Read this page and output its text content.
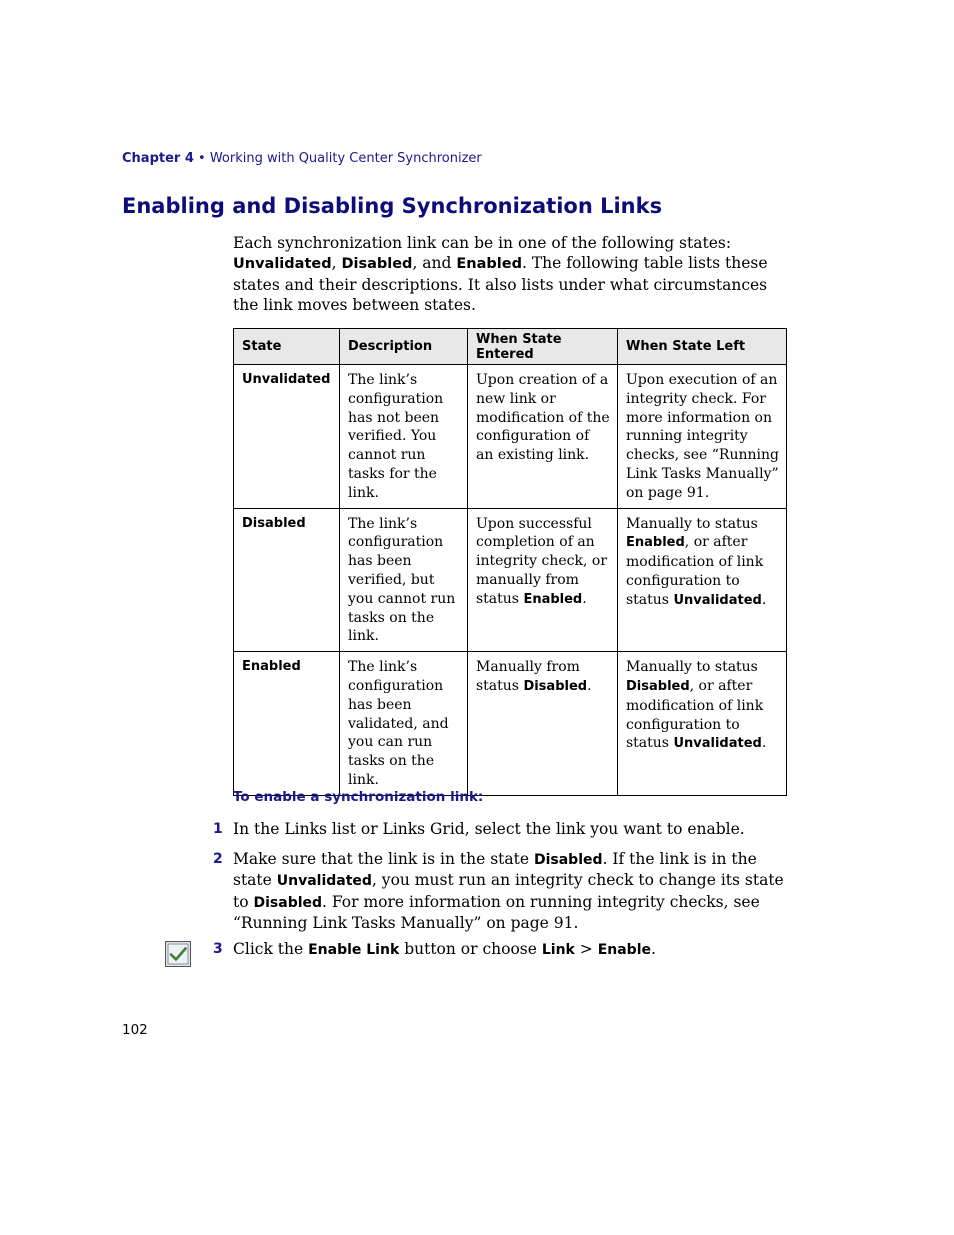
Chapter 4 • Working with Quality Center Synchronizer
Enabling and Disabling Synchronization Links

Each synchronization link can be in one of the following states: Unvalidated, Disabled, and Enabled. The following table lists these states and their descriptions. It also lists under what circumstances the link moves between states.

State	Description	When State Entered	When State Left
Unvalidated	The link’s configuration has not been verified. You cannot run tasks for the link.	Upon creation of a new link or modification of the configuration of an existing link.	Upon execution of an integrity check. For more information on running integrity checks, see “Running Link Tasks Manually” on page 91.
Disabled	The link’s configuration has been verified, but you cannot run tasks on the link.	Upon successful completion of an integrity check, or manually from status Enabled.	Manually to status Enabled, or after modification of link configuration to status Unvalidated.
Enabled	The link’s configuration has been validated, and you can run tasks on the link.	Manually from status Disabled.	Manually to status Disabled, or after modification of link configuration to status Unvalidated.
To enable a synchronization link:
1 In the Links list or Links Grid, select the link you want to enable.
2 Make sure that the link is in the state Disabled. If the link is in the state Unvalidated, you must run an integrity check to change its state to Disabled. For more information on running integrity checks, see “Running Link Tasks Manually” on page 91.
3 Click the Enable Link button or choose Link > Enable.
102
